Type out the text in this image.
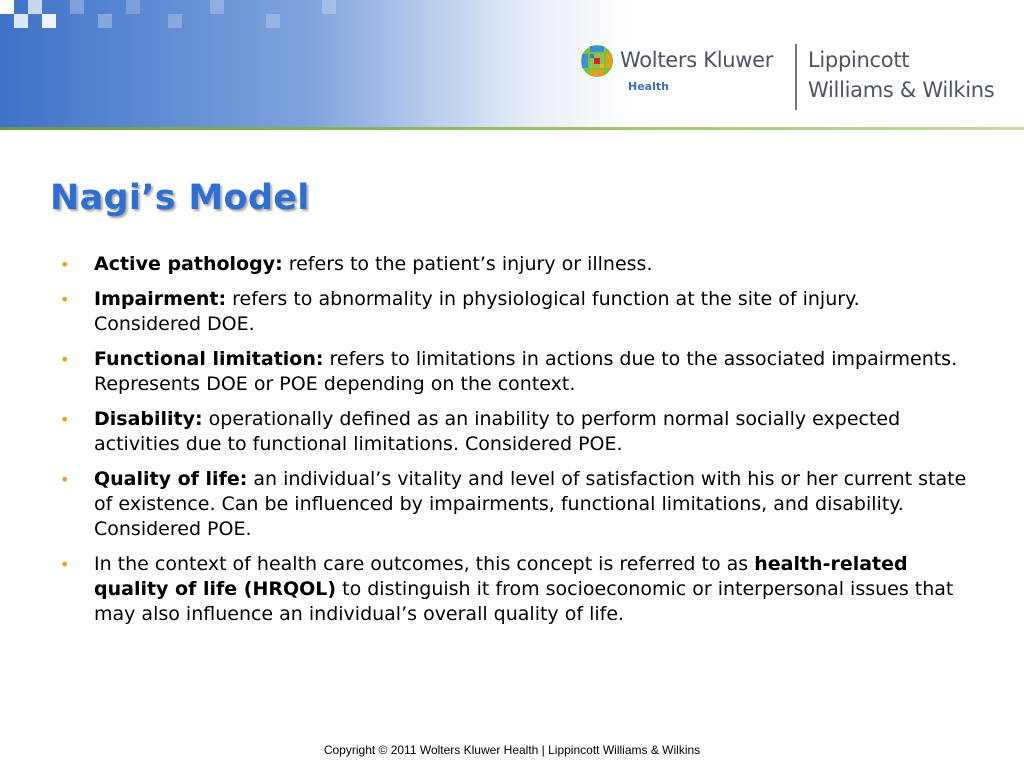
Wolters Kluwer
Health
Lippincott
Williams & Wilkins
Nagi’s Model
• Active pathology: refers to the patient’s injury or illness.
• Impairment: refers to abnormality in physiological function at the site of injury. Considered DOE.
• Functional limitation: refers to limitations in actions due to the associated impairments. Represents DOE or POE depending on the context.
• Disability: operationally defined as an inability to perform normal socially expected activities due to functional limitations. Considered POE.
• Quality of life: an individual’s vitality and level of satisfaction with his or her current state of existence. Can be influenced by impairments, functional limitations, and disability. Considered POE.
• In the context of health care outcomes, this concept is referred to as health-related quality of life (HRQOL) to distinguish it from socioeconomic or interpersonal issues that may also influence an individual’s overall quality of life.
Copyright © 2011 Wolters Kluwer Health | Lippincott Williams & Wilkins
